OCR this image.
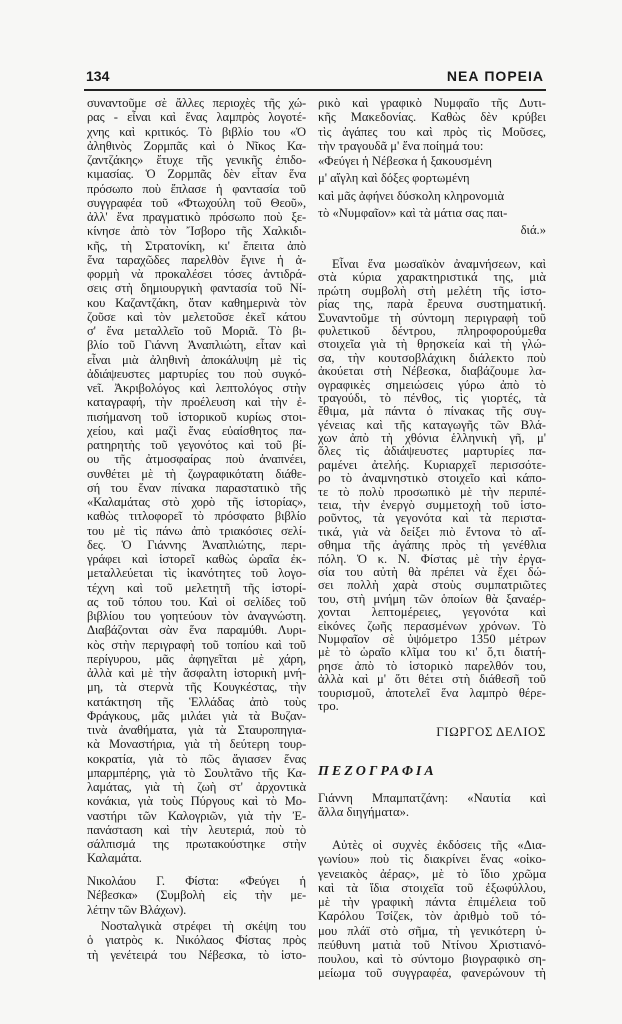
134	ΝΕΑ ΠΟΡΕΙΑ
συναντοῦμε σὲ ἄλλες περιοχὲς τῆς χώ-
ρας - εἶναι καὶ ἕνας λαμπρὸς λογοτέ-
χνης καὶ κριτικός. Τὸ βιβλίο του «Ὁ
ἀληθινὸς Ζορμπᾶς καὶ ὁ Νῖκος Κα-
ζαντζάκης» ἔτυχε τῆς γενικῆς ἐπιδο-
κιμασίας. Ὁ Ζορμπᾶς δὲν εἶταν ἕνα
πρόσωπο ποὺ ἔπλασε ἡ φαντασία τοῦ
συγγραφέα τοῦ «Φτωχούλη τοῦ Θεοῦ»,
ἀλλ' ἕνα πραγματικὸ πρόσωπο ποὺ ξε-
κίνησε ἀπὸ τὸν Ἴσβορο τῆς Χαλκιδι-
κῆς, τὴ Στρατονίκη, κι' ἔπειτα ἀπὸ
ἕνα ταραχῶδες παρελθὸν ἔγινε ἡ ἀ-
φορμὴ νὰ προκαλέσει τόσες ἀντιδρά-
σεις στὴ δημιουργικὴ φαντασία τοῦ Νί-
κου Καζαντζάκη, ὅταν καθημερινὰ τὸν
ζοῦσε καὶ τὸν μελετοῦσε ἐκεῖ κάτου
σ' ἕνα μεταλλεῖο τοῦ Μοριᾶ. Τὸ βι-
βλίο τοῦ Γιάννη Ἀναπλιώτη, εἶταν καὶ
εἶναι μιὰ ἀληθινὴ ἀποκάλυψη μὲ τὶς
ἀδιάψευστες μαρτυρίες του ποὺ συγκό-
νεῖ. Ἀκριβολόγος καὶ λεπτολόγος στὴν
καταγραφή, τὴν προέλευση καὶ τὴν ἐ-
πισήμανση τοῦ ἱστορικοῦ κυρίως στοι-
χείου, καὶ μαζὶ ἕνας εὐαίσθητος πα-
ρατηρητὴς τοῦ γεγονότος καὶ τοῦ βί-
ου τῆς ἀτμοσφαίρας ποὺ ἀναπνέει,
συνθέτει μὲ τὴ ζωγραφικότατη διάθε-
σή του ἕναν πίνακα παραστατικὸ τῆς
«Καλαμάτας στὸ χορὸ τῆς ἱστορίας»,
καθὼς τιτλοφορεῖ τὸ πρόσφατο βιβλίο
του μὲ τὶς πάνω ἀπὸ τριακόσιες σελί-
δες. Ὁ Γιάννης Ἀναπλιώτης, περι-
γράφει καὶ ἱστορεῖ καθὼς ὡραῖα ἐκ-
μεταλλεύεται τὶς ἱκανότητες τοῦ λογο-
τέχνη καὶ τοῦ μελετητῆ τῆς ἱστορί-
ας τοῦ τόπου του. Καὶ οἱ σελίδες τοῦ
βιβλίου του γοητεύουν τὸν ἀναγνώστη.
Διαβάζονται σὰν ἕνα παραμύθι. Λυρι-
κὸς στὴν περιγραφὴ τοῦ τοπίου καὶ τοῦ
περίγυρου, μᾶς ἀφηγεῖται μὲ χάρη,
ἀλλὰ καὶ μὲ τὴν ἄσφαλτη ἱστορικὴ μνή-
μη, τὰ στερνὰ τῆς Κουγκέστας, τὴν
κατάκτηση τῆς Ἑλλάδας ἀπὸ τοὺς
Φράγκους, μᾶς μιλάει γιὰ τὰ Βυζαν-
τινὰ ἀναθήματα, γιὰ τὰ Σταυροπηγια-
κὰ Μοναστήρια, γιὰ τὴ δεύτερη τουρ-
κοκρατία, γιὰ τὸ πῶς ἅγιασεν ἕνας
μπαρμπέρης, γιὰ τὸ Σουλτᾶνο τῆς Κα-
λαμάτας, γιὰ τὴ ζωὴ στ' ἀρχοντικὰ
κονάκια, γιὰ τοὺς Πύργους καὶ τὸ Μο-
ναστήρι τῶν Καλογριῶν, γιὰ τὴν Ἐ-
πανάσταση καὶ τὴν λευτεριά, ποὺ τὸ
σάλπισμά της πρωτακούστηκε στὴν
Καλαμάτα.
Νικολάου Γ. Φίστα: «Φεύγει ἡ
Νέβεσκα» (Συμβολὴ εἰς τὴν με-
λέτην τῶν Βλάχων).
Νοσταλγικὰ στρέφει τὴ σκέψη του
ὁ γιατρὸς κ. Νικόλαος Φίστας πρὸς
τὴ γενέτειρά του Νέβεσκα, τὸ ἱστο-
ρικὸ καὶ γραφικὸ Νυμφαῖο τῆς Δυτι-
κῆς Μακεδονίας. Καθὼς δὲν κρύβει
τὶς ἀγάπες του καὶ πρὸς τὶς Μοῦσες,
τὴν τραγουδᾶ μ' ἕνα ποίημά του:
«Φεύγει ἡ Νέβεσκα ἡ ξακουσμένη
μ' αἴγλη καὶ δόξες φορτωμένη
καὶ μᾶς ἀφήνει δύσκολη κληρονομιὰ
τὸ «Νυμφαῖον» καὶ τὰ μάτια σας παι-
διά.»
Εἶναι ἕνα μωσαϊκὸν ἀναμνήσεων, καὶ
στὰ κύρια χαρακτηριστικά της, μιὰ
πρώτη συμβολὴ στὴ μελέτη τῆς ἱστο-
ρίας της, παρὰ ἔρευνα συστηματική.
Συναντοῦμε τὴ σύντομη περιγραφὴ τοῦ
φυλετικοῦ δέντρου, πληροφορούμεθα
στοιχεῖα γιὰ τὴ θρησκεία καὶ τὴ γλώ-
σα, τὴν κουτσοβλάχικη διάλεκτο ποὺ
ἀκούεται στὴ Νέβεσκα, διαβάζουμε λα-
ογραφικὲς σημειώσεις γύρω ἀπὸ τὸ
τραγούδι, τὸ πένθος, τὶς γιορτές, τὰ
ἔθιμα, μὰ πάντα ὁ πίνακας τῆς συγ-
γένειας καὶ τῆς καταγωγῆς τῶν Βλά-
χων ἀπὸ τὴ χθόνια ἑλληνικὴ γῆ, μ'
ὅλες τὶς ἀδιάψευστες μαρτυρίες πα-
ραμένει ἀτελής. Κυριαρχεῖ περισσότε-
ρο τὸ ἀναμνηστικὸ στοιχεῖο καὶ κάπο-
τε τὸ πολὺ προσωπικὸ μὲ τὴν περιπέ-
τεια, τὴν ἐνεργὸ συμμετοχὴ τοῦ ἱστο-
ροῦντος, τὰ γεγονότα καὶ τὰ περιστα-
τικά, γιὰ νὰ δείξει πιὸ ἔντονα τὸ αἴ-
σθημα τῆς ἀγάπης πρὸς τὴ γενέθλια
πόλη. Ὁ κ. Ν. Φίστας μὲ τὴν ἐργα-
σία του αὐτὴ θὰ πρέπει νὰ ἔχει δώ-
σει πολλὴ χαρὰ στοὺς συμπατριῶτες
του, στὴ μνήμη τῶν ὁποίων θὰ ξαναέρ-
χονται λεπτομέρειες, γεγονότα καὶ
εἰκόνες ζωῆς περασμένων χρόνων. Τὸ
Νυμφαῖον σὲ ὑψόμετρο 1350 μέτρων
μὲ τὸ ὡραῖο κλῖμα του κι' ὅ,τι διατή-
ρησε ἀπὸ τὸ ἱστορικὸ παρελθόν του,
ἀλλὰ καὶ μ' ὅτι θέτει στὴ διάθεσῆ τοῦ
τουρισμοῦ, ἀποτελεῖ ἕνα λαμπρὸ θέρε-
τρο.
ΓΙΩΡΓΟΣ ΔΕΛΙΟΣ
ΠΕΖΟΓΡΑΦΙΑ
Γιάννη Μπαμπατζάνη: «Ναυτία καὶ
ἄλλα διηγήματα».
Αὐτὲς οἱ συχνὲς ἐκδόσεις τῆς «Δια-
γωνίου» ποὺ τὶς διακρίνει ἕνας «οἰκο-
γενειακὸς ἀέρας», μὲ τὸ ἴδιο χρῶμα
καὶ τὰ ἴδια στοιχεῖα τοῦ ἐξωφύλλου,
μὲ τὴν γραφικὴ πάντα ἐπιμέλεια τοῦ
Καρόλου Τσίζεκ, τὸν ἀριθμὸ τοῦ τό-
μου πλάϊ στὸ σῆμα, τὴ γενικότερη ὑ-
πεύθυνη ματιὰ τοῦ Ντίνου Χριστιανό-
πουλου, καὶ τὸ σύντομο βιογραφικὸ ση-
μείωμα τοῦ συγγραφέα, φανερώνουν τὴ
